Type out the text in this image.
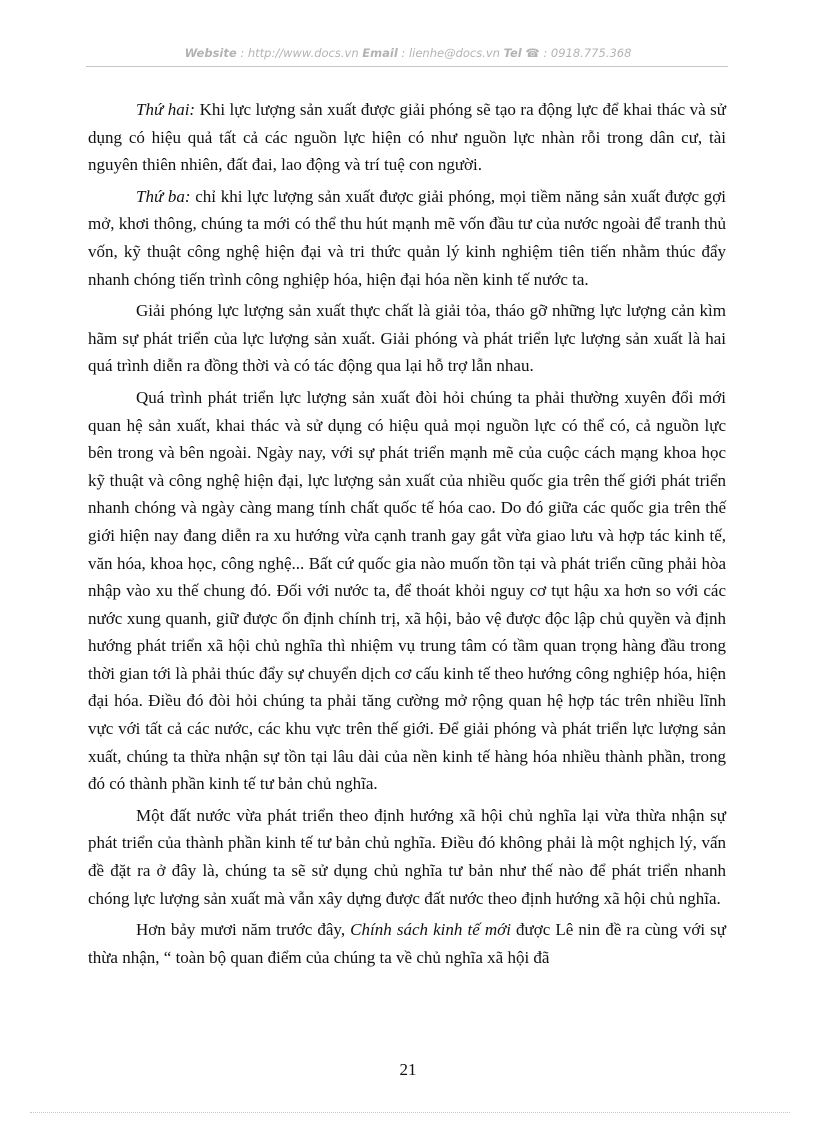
Website : http://www.docs.vn Email : lienhe@docs.vn Tel ☎ : 0918.775.368

Thứ hai: Khi lực lượng sản xuất được giải phóng sẽ tạo ra động lực để khai thác và sử dụng có hiệu quả tất cả các nguồn lực hiện có như nguồn lực nhàn rỗi trong dân cư, tài nguyên thiên nhiên, đất đai, lao động và trí tuệ con người.

Thứ ba: chỉ khi lực lượng sản xuất được giải phóng, mọi tiềm năng sản xuất được gợi mở, khơi thông, chúng ta mới có thể thu hút mạnh mẽ vốn đầu tư của nước ngoài để tranh thủ vốn, kỹ thuật công nghệ hiện đại và tri thức quản lý kinh nghiệm tiên tiến nhằm thúc đẩy nhanh chóng tiến trình công nghiệp hóa, hiện đại hóa nền kinh tế nước ta.

Giải phóng lực lượng sản xuất thực chất là giải tỏa, tháo gỡ những lực lượng cản kìm hãm sự phát triển của lực lượng sản xuất. Giải phóng và phát triển lực lượng sản xuất là hai quá trình diễn ra đồng thời và có tác động qua lại hỗ trợ lẫn nhau.

Quá trình phát triển lực lượng sản xuất đòi hỏi chúng ta phải thường xuyên đổi mới quan hệ sản xuất, khai thác và sử dụng có hiệu quả mọi nguồn lực có thể có, cả nguồn lực bên trong và bên ngoài. Ngày nay, với sự phát triển mạnh mẽ của cuộc cách mạng khoa học kỹ thuật và công nghệ hiện đại, lực lượng sản xuất của nhiều quốc gia trên thế giới phát triển nhanh chóng và ngày càng mang tính chất quốc tế hóa cao. Do đó giữa các quốc gia trên thế giới hiện nay đang diễn ra xu hướng vừa cạnh tranh gay gắt vừa giao lưu và hợp tác kinh tế, văn hóa, khoa học, công nghệ... Bất cứ quốc gia nào muốn tồn tại và phát triển cũng phải hòa nhập vào xu thế chung đó. Đối với nước ta, để thoát khỏi nguy cơ tụt hậu xa hơn so với các nước xung quanh, giữ được ổn định chính trị, xã hội, bảo vệ được độc lập chủ quyền và định hướng phát triển xã hội chủ nghĩa thì nhiệm vụ trung tâm có tầm quan trọng hàng đầu trong thời gian tới là phải thúc đẩy sự chuyển dịch cơ cấu kinh tế theo hướng công nghiệp hóa, hiện đại hóa. Điều đó đòi hỏi chúng ta phải tăng cường mở rộng quan hệ hợp tác trên nhiều lĩnh vực với tất cả các nước, các khu vực trên thế giới. Để giải phóng và phát triển lực lượng sản xuất, chúng ta thừa nhận sự tồn tại lâu dài của nền kinh tế hàng hóa nhiều thành phần, trong đó có thành phần kinh tế tư bản chủ nghĩa.

Một đất nước vừa phát triển theo định hướng xã hội chủ nghĩa lại vừa thừa nhận sự phát triển của thành phần kinh tế tư bản chủ nghĩa. Điều đó không phải là một nghịch lý, vấn đề đặt ra ở đây là, chúng ta sẽ sử dụng chủ nghĩa tư bản như thế nào để phát triển nhanh chóng lực lượng sản xuất mà vẫn xây dựng được đất nước theo định hướng xã hội chủ nghĩa.

Hơn bảy mươi năm trước đây, Chính sách kinh tế mới được Lê nin đề ra cùng với sự thừa nhận, “ toàn bộ quan điểm của chúng ta về chủ nghĩa xã hội đã

21
